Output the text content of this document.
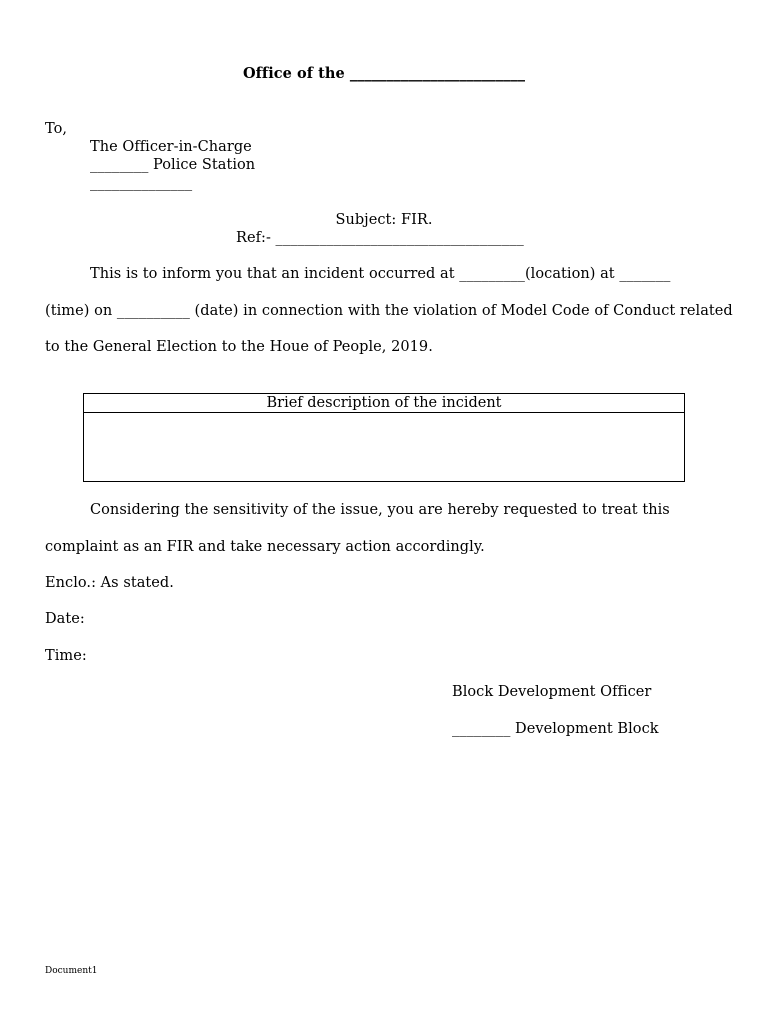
Office of the ________________________
To,
The Officer-in-Charge
________ Police Station
______________
Subject: FIR.
Ref:- __________________________________
This is to inform you that an incident occurred at _________(location) at _______
(time) on __________ (date) in connection with the violation of Model Code of Conduct related
to the General Election to the Houe of People, 2019.
Brief description of the incident
Considering the sensitivity of the issue, you are hereby requested to treat this
complaint as an FIR and take necessary action accordingly.
Enclo.: As stated.
Date:
Time:
Block Development Officer
________ Development Block
Document1
